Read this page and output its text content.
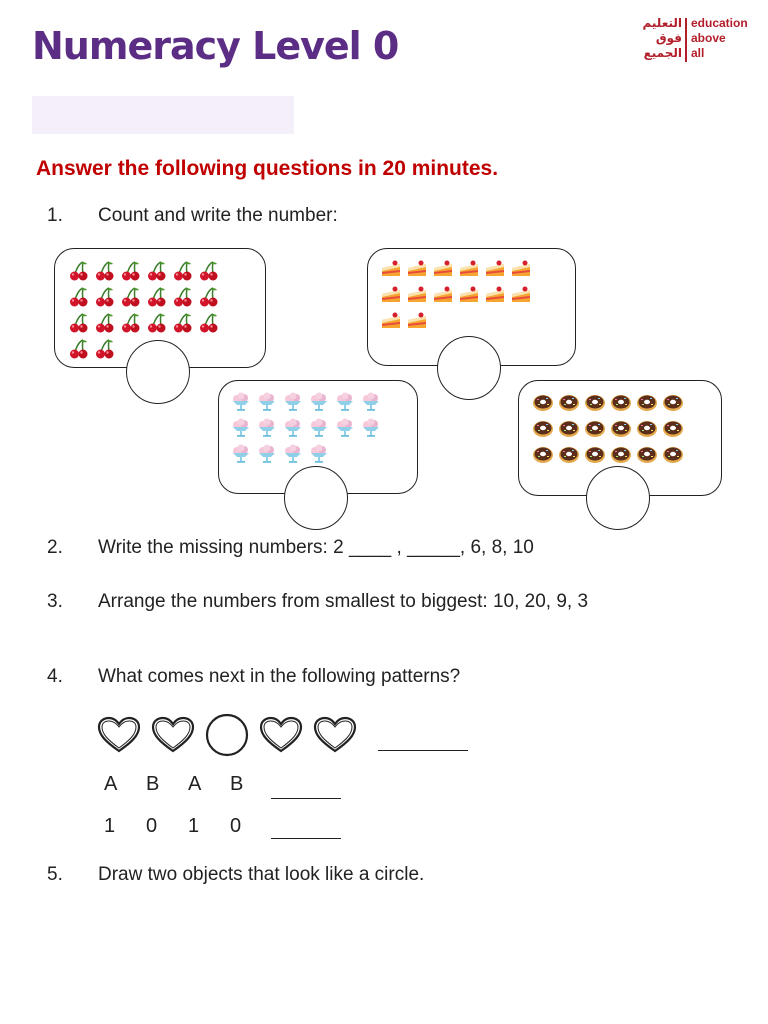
Numeracy Level 0
التعليم
فوق
الجميع
education
above
all
Answer the following questions in 20 minutes.
1. Count and write the number:
2. Write the missing numbers: 2 ____ , _____, 6, 8, 10
3. Arrange the numbers from smallest to biggest: 10, 20, 9, 3
4. What comes next in the following patterns?
A	B	A	B
1	0	1	0
5. Draw two objects that look like a circle.
